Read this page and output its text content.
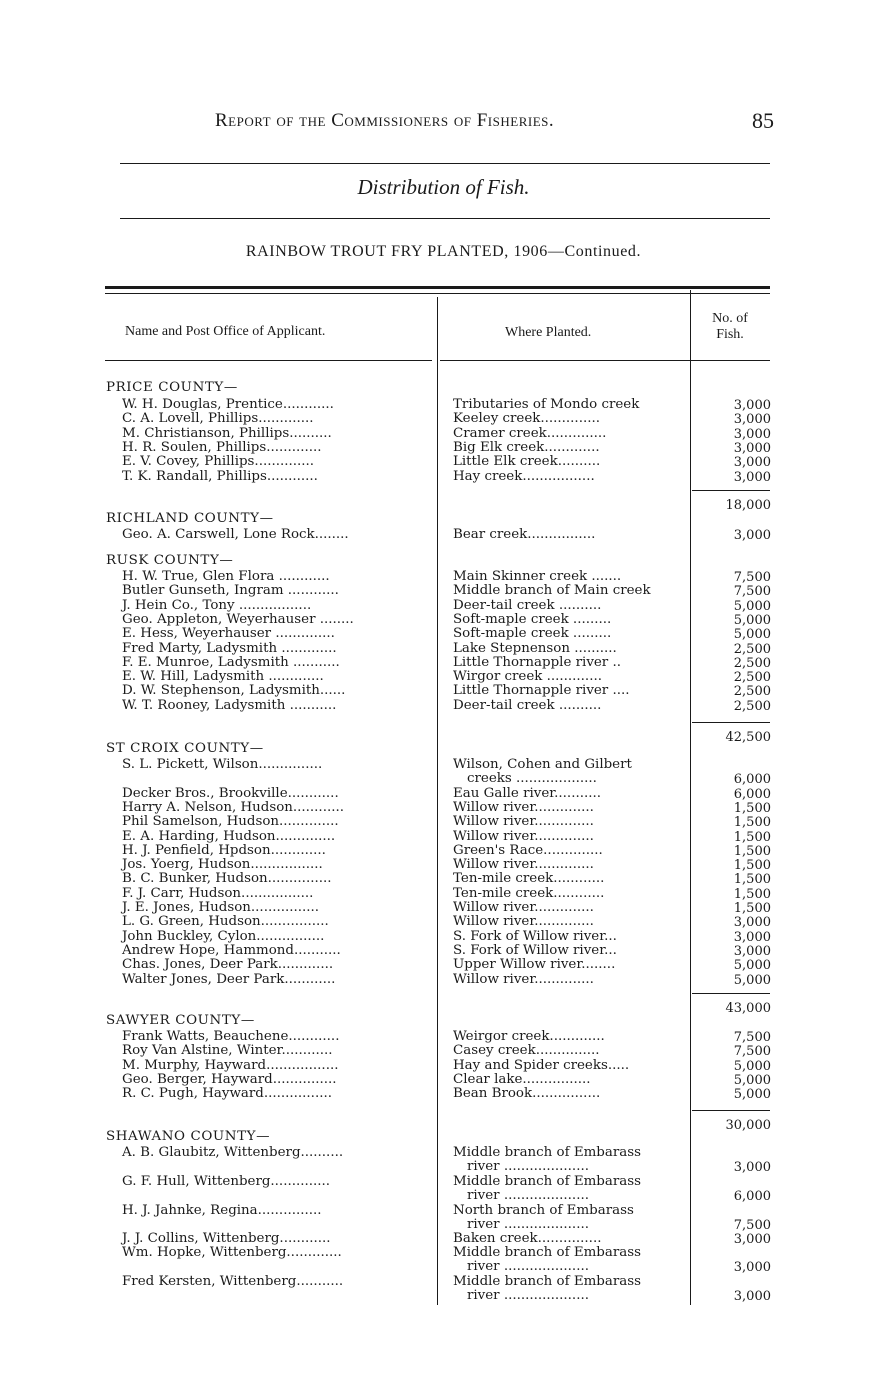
Report of the Commissioners of Fisheries.	85
Distribution of Fish.
RAINBOW TROUT FRY PLANTED, 1906—Continued.
Name and Post Office of Applicant.	Where Planted.
No. of Fish.
PRICE COUNTY—
W. H. Douglas, Prentice............	Tributaries of Mondo creek	3,000
C. A. Lovell, Phillips.............	Keeley creek..............	3,000
M. Christianson, Phillips..........	Cramer creek..............	3,000
H. R. Soulen, Phillips.............	Big Elk creek.............	3,000
E. V. Covey, Phillips..............	Little Elk creek..........	3,000
T. K. Randall, Phillips............	Hay creek.................	3,000
18,000
RICHLAND COUNTY—
Geo. A. Carswell, Lone Rock........	Bear creek................	3,000
RUSK COUNTY—
H. W. True, Glen Flora ............	Main Skinner creek .......	7,500
Butler Gunseth, Ingram ............	Middle branch of Main creek	7,500
J. Hein Co., Tony .................	Deer-tail creek ..........	5,000
Geo. Appleton, Weyerhauser ........	Soft-maple creek .........	5,000
E. Hess, Weyerhauser ..............	Soft-maple creek .........	5,000
Fred Marty, Ladysmith .............	Lake Stepnenson ..........	2,500
F. E. Munroe, Ladysmith ...........	Little Thornapple river ..	2,500
E. W. Hill, Ladysmith .............	Wirgor creek .............	2,500
D. W. Stephenson, Ladysmith......	Little Thornapple river ....	2,500
W. T. Rooney, Ladysmith ...........	Deer-tail creek ..........	2,500
42,500
ST CROIX COUNTY—
S. L. Pickett, Wilson...............	Wilson, Cohen and Gilbert
creeks ...................	6,000
Decker Bros., Brookville............	Eau Galle river...........	6,000
Harry A. Nelson, Hudson............	Willow river..............	1,500
Phil Samelson, Hudson..............	Willow river..............	1,500
E. A. Harding, Hudson..............	Willow river..............	1,500
H. J. Penfield, Hpdson.............	Green's Race..............	1,500
Jos. Yoerg, Hudson.................	Willow river..............	1,500
B. C. Bunker, Hudson...............	Ten-mile creek............	1,500
F. J. Carr, Hudson.................	Ten-mile creek............	1,500
J. E. Jones, Hudson................	Willow river..............	1,500
L. G. Green, Hudson................	Willow river..............	3,000
John Buckley, Cylon................	S. Fork of Willow river...	3,000
Andrew Hope, Hammond...........	S. Fork of Willow river...	3,000
Chas. Jones, Deer Park.............	Upper Willow river........	5,000
Walter Jones, Deer Park............	Willow river..............	5,000
43,000
SAWYER COUNTY—
Frank Watts, Beauchene............	Weirgor creek.............	7,500
Roy Van Alstine, Winter............	Casey creek...............	7,500
M. Murphy, Hayward.................	Hay and Spider creeks.....	5,000
Geo. Berger, Hayward...............	Clear lake................	5,000
R. C. Pugh, Hayward................	Bean Brook................	5,000
30,000
SHAWANO COUNTY—
A. B. Glaubitz, Wittenberg..........	Middle branch of Embarass
river ....................	3,000
G. F. Hull, Wittenberg..............	Middle branch of Embarass
river ....................	6,000
H. J. Jahnke, Regina...............	North branch of Embarass
river ....................	7,500
J. J. Collins, Wittenberg............	Baken creek...............	3,000
Wm. Hopke, Wittenberg.............	Middle branch of Embarass
river ....................	3,000
Fred Kersten, Wittenberg...........	Middle branch of Embarass
river ....................	3,000
